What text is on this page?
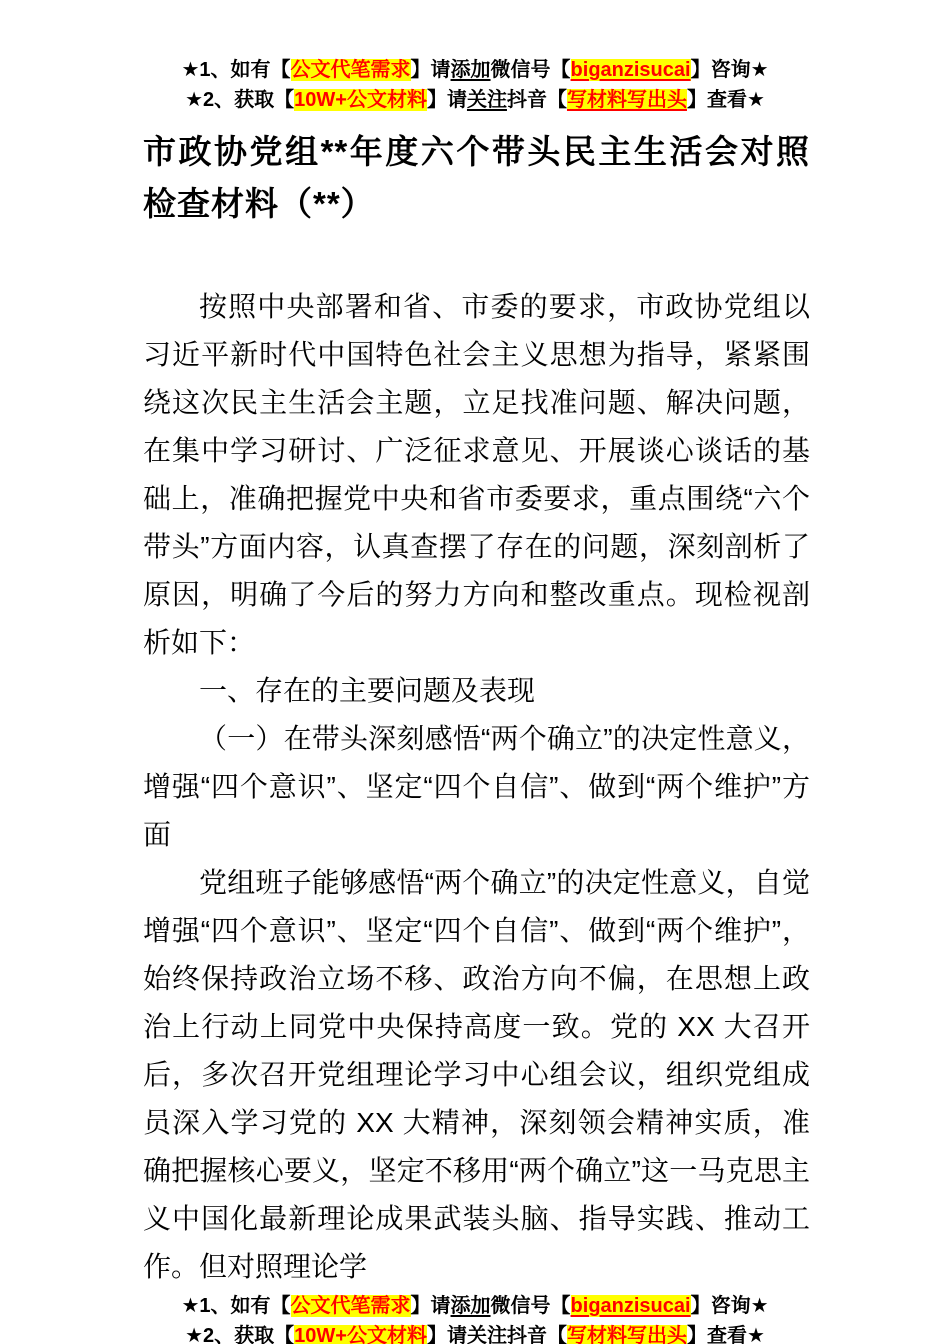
★1、如有【公文代笔需求】请添加微信号【biganzisucai】咨询★
★2、获取【10W+公文材料】请关注抖音【写材料写出头】查看★
市政协党组**年度六个带头民主生活会对照检查材料（**）

按照中央部署和省、市委的要求，市政协党组以习近平新时代中国特色社会主义思想为指导，紧紧围绕这次民主生活会主题，立足找准问题、解决问题，在集中学习研讨、广泛征求意见、开展谈心谈话的基础上，准确把握党中央和省市委要求，重点围绕“六个带头”方面内容，认真查摆了存在的问题，深刻剖析了原因，明确了今后的努力方向和整改重点。现检视剖析如下：

一、存在的主要问题及表现

（一）在带头深刻感悟“两个确立”的决定性意义，增强“四个意识”、坚定“四个自信”、做到“两个维护”方面

党组班子能够感悟“两个确立”的决定性意义，自觉增强“四个意识”、坚定“四个自信”、做到“两个维护”，始终保持政治立场不移、政治方向不偏，在思想上政治上行动上同党中央保持高度一致。党的 XX 大召开后，多次召开党组理论学习中心组会议，组织党组成员深入学习党的 XX 大精神，深刻领会精神实质，准确把握核心要义，坚定不移用“两个确立”这一马克思主义中国化最新理论成果武装头脑、指导实践、推动工作。但对照理论学

★1、如有【公文代笔需求】请添加微信号【biganzisucai】咨询★
★2、获取【10W+公文材料】请关注抖音【写材料写出头】查看★
